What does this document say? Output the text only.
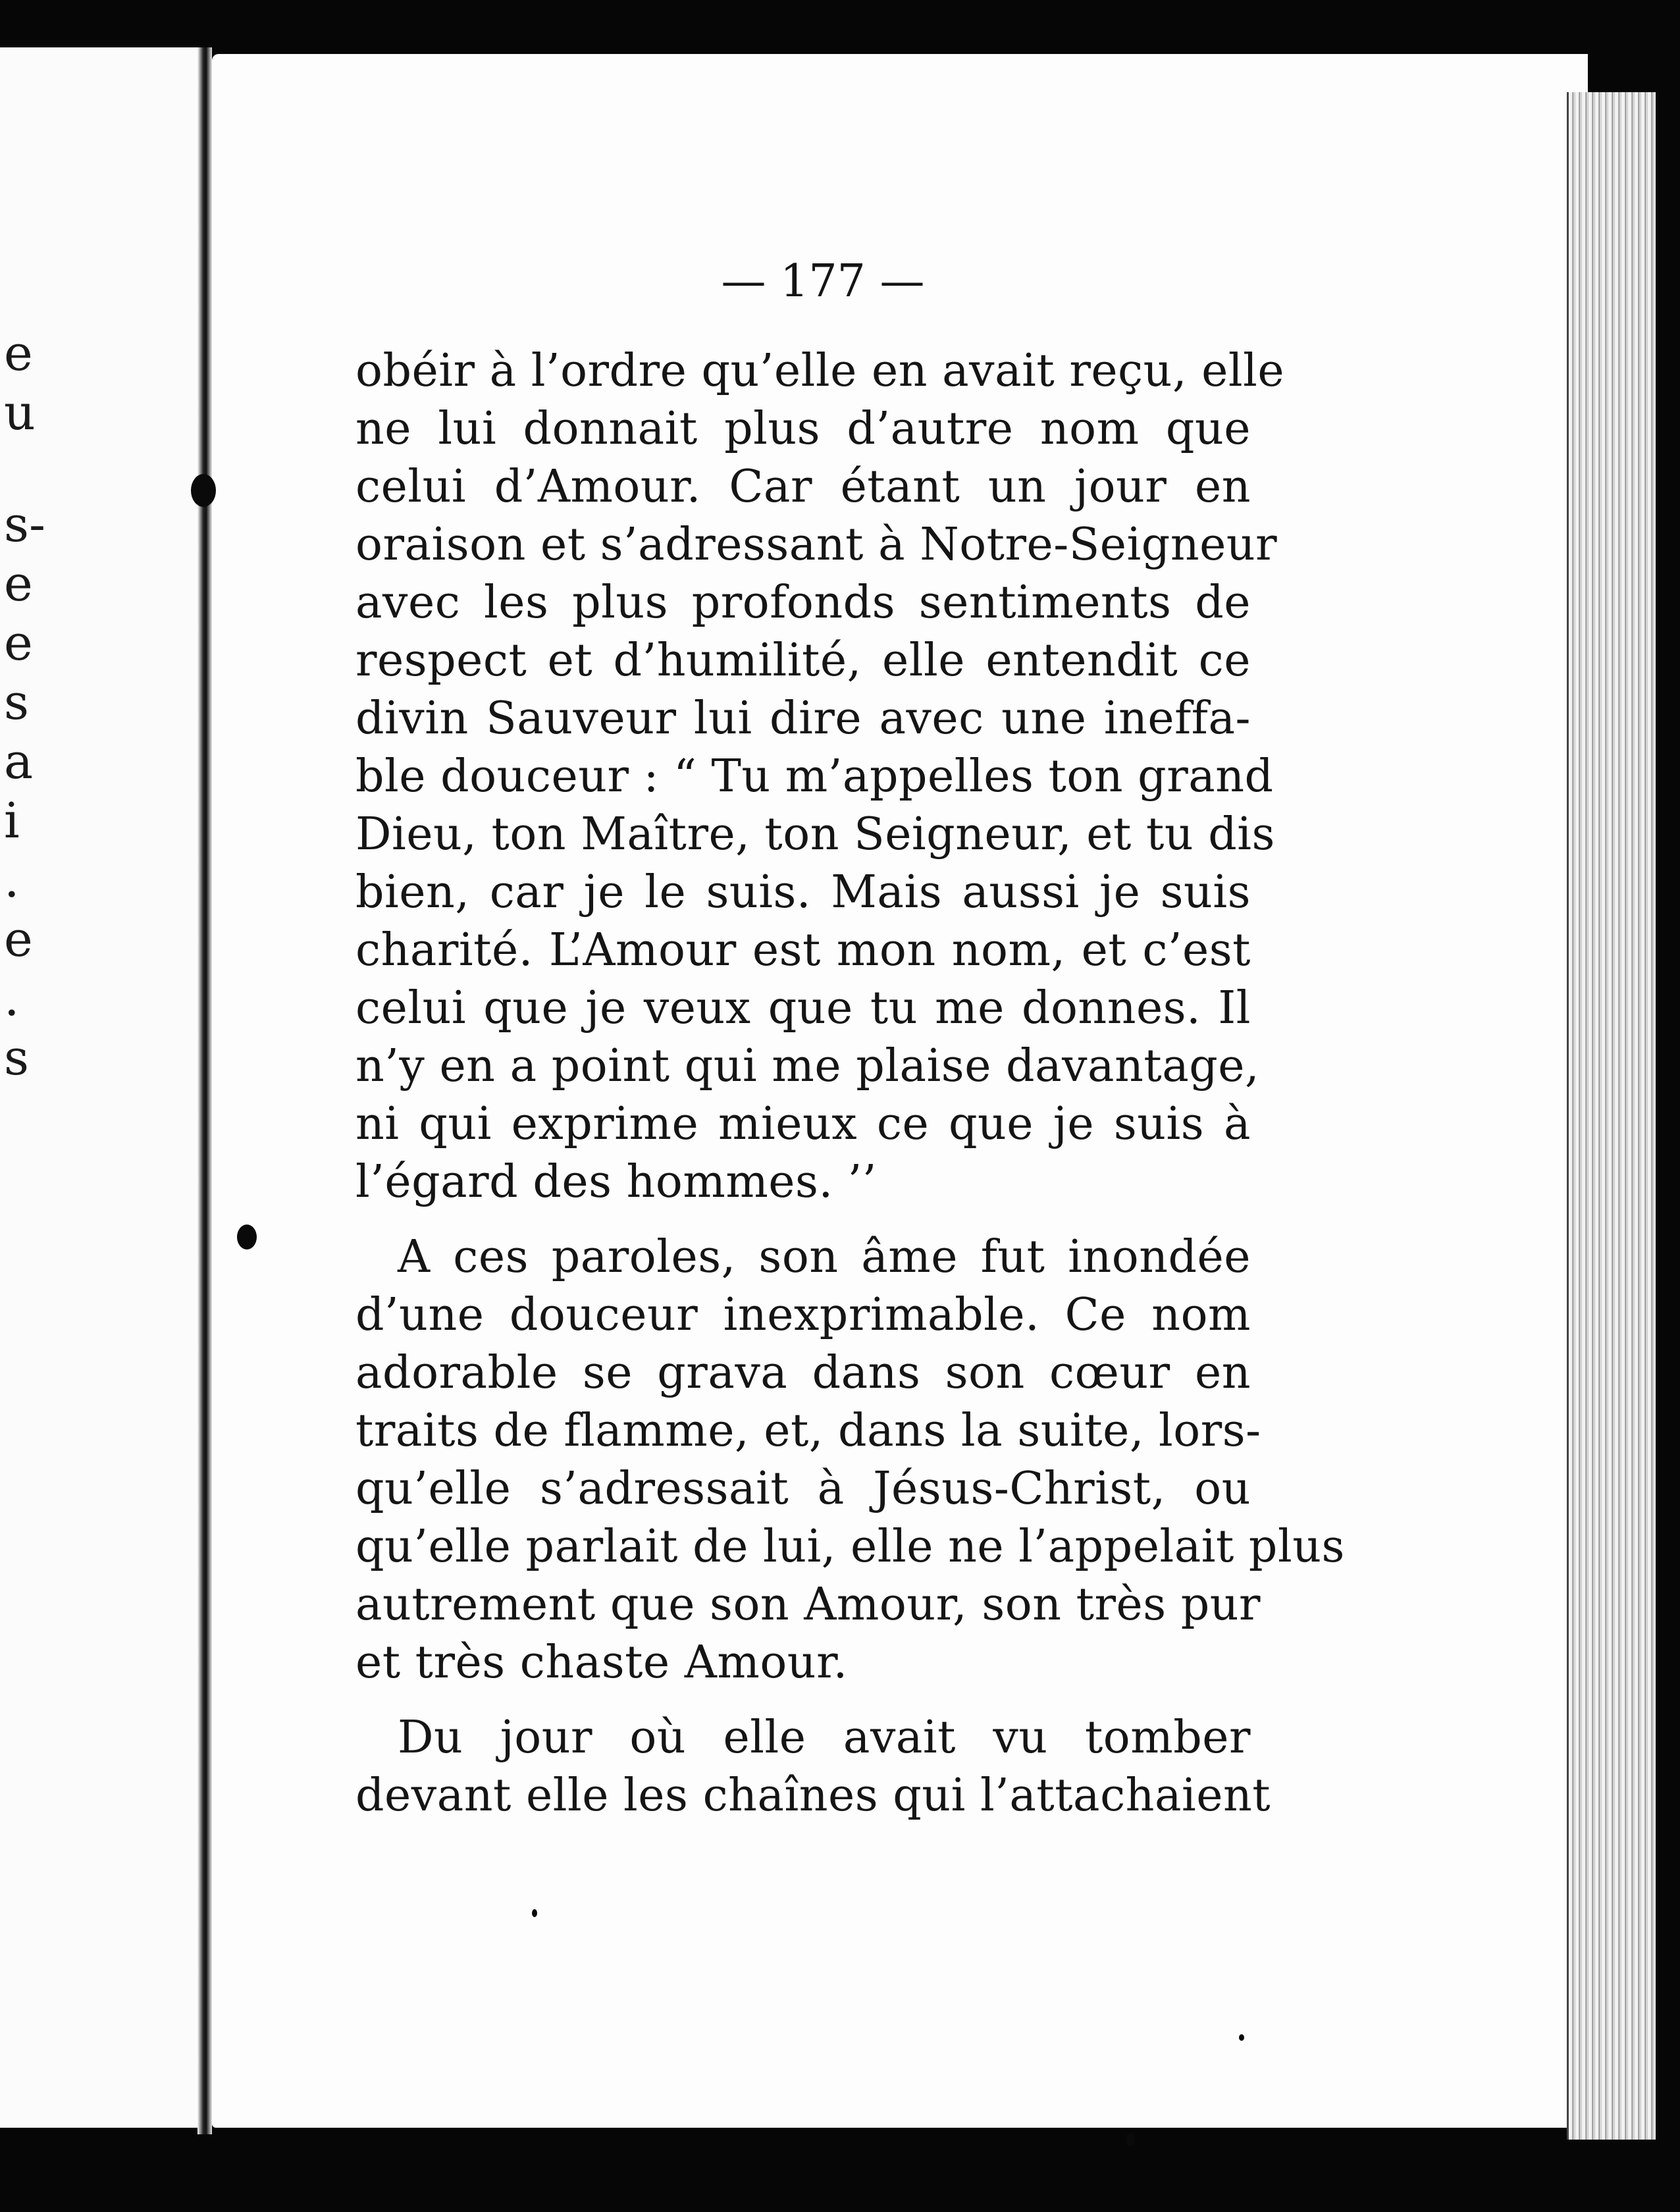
e
u
s-
e
e
s
a
i
.
e
.
s
— 177 —
obéir à l’ordre qu’elle en avait reçu, elle
ne lui donnait plus d’autre nom que
celui d’Amour. Car étant un jour en
oraison et s’adressant à Notre-Seigneur
avec les plus profonds sentiments de
respect et d’humilité, elle entendit ce
divin Sauveur lui dire avec une ineffa-
ble douceur : “ Tu m’appelles ton grand
Dieu, ton Maître, ton Seigneur, et tu dis
bien, car je le suis. Mais aussi je suis
charité. L’Amour est mon nom, et c’est
celui que je veux que tu me donnes. Il
n’y en a point qui me plaise davantage,
ni qui exprime mieux ce que je suis à
l’égard des hommes. ’’
A ces paroles, son âme fut inondée
d’une douceur inexprimable. Ce nom
adorable se grava dans son cœur en
traits de flamme, et, dans la suite, lors-
qu’elle s’adressait à Jésus-Christ, ou
qu’elle parlait de lui, elle ne l’appelait plus
autrement que son Amour, son très pur
et très chaste Amour.
Du jour où elle avait vu tomber
devant elle les chaînes qui l’attachaient
